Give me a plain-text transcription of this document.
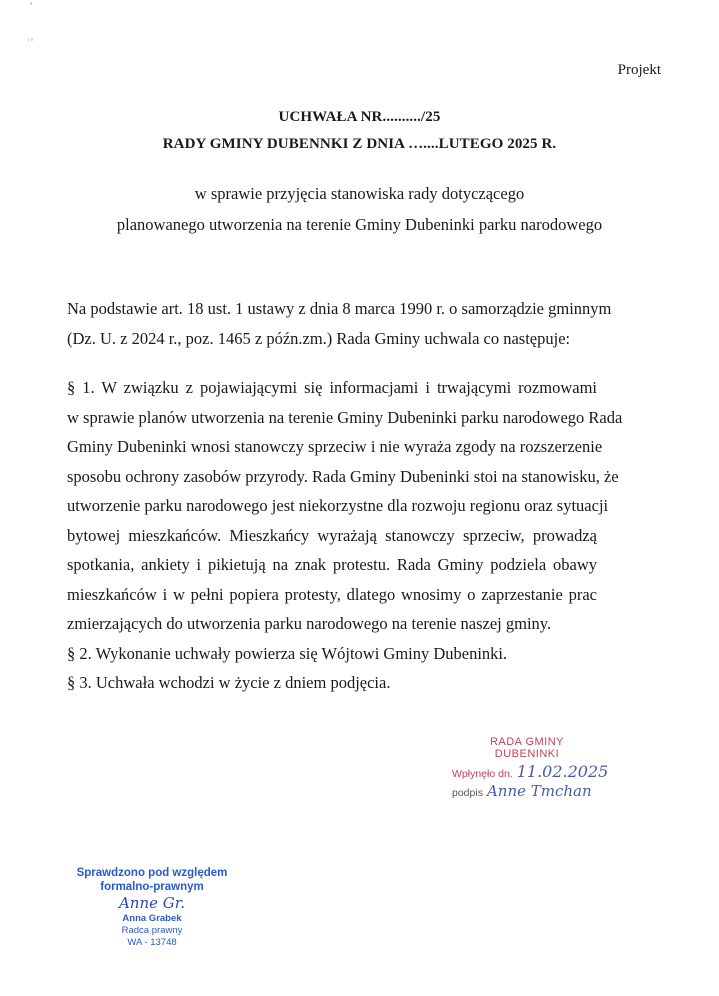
ᵃ
ʲ ᵃ
Projekt
UCHWAŁA NR........../25
RADY GMINY DUBENNKI Z DNIA …....LUTEGO 2025 R.
w sprawie przyjęcia stanowiska rady dotyczącego
planowanego utworzenia na terenie Gminy Dubeninki parku narodowego
Na podstawie art. 18 ust. 1 ustawy z dnia 8 marca 1990 r. o samorządzie gminnym
(Dz. U. z 2024 r., poz. 1465 z późn.zm.) Rada Gminy uchwala co następuje:
§ 1. W związku z pojawiającymi się informacjami i trwającymi rozmowami
w sprawie planów utworzenia na terenie Gminy Dubeninki parku narodowego Rada
Gminy Dubeninki wnosi stanowczy sprzeciw i nie wyraża zgody na rozszerzenie
sposobu ochrony zasobów przyrody. Rada Gminy Dubeninki stoi na stanowisku, że
utworzenie parku narodowego jest niekorzystne dla rozwoju regionu oraz sytuacji
bytowej mieszkańców. Mieszkańcy wyrażają stanowczy sprzeciw, prowadzą
spotkania, ankiety i pikietują na znak protestu. Rada Gminy podziela obawy
mieszkańców i w pełni popiera protesty, dlatego wnosimy o zaprzestanie prac
zmierzających do utworzenia parku narodowego na terenie naszej gminy.
§ 2. Wykonanie uchwały powierza się Wójtowi Gminy Dubeninki.
§ 3. Uchwała wchodzi w życie z dniem podjęcia.
RADA GMINY
DUBENINKI
Wpłynęło dn. 11.02.2025
podpis Anne Tmchan
Sprawdzono pod względem
formalno-prawnym
Anne Gr.
Anna Grabek
Radca prawny
WA - 13748
